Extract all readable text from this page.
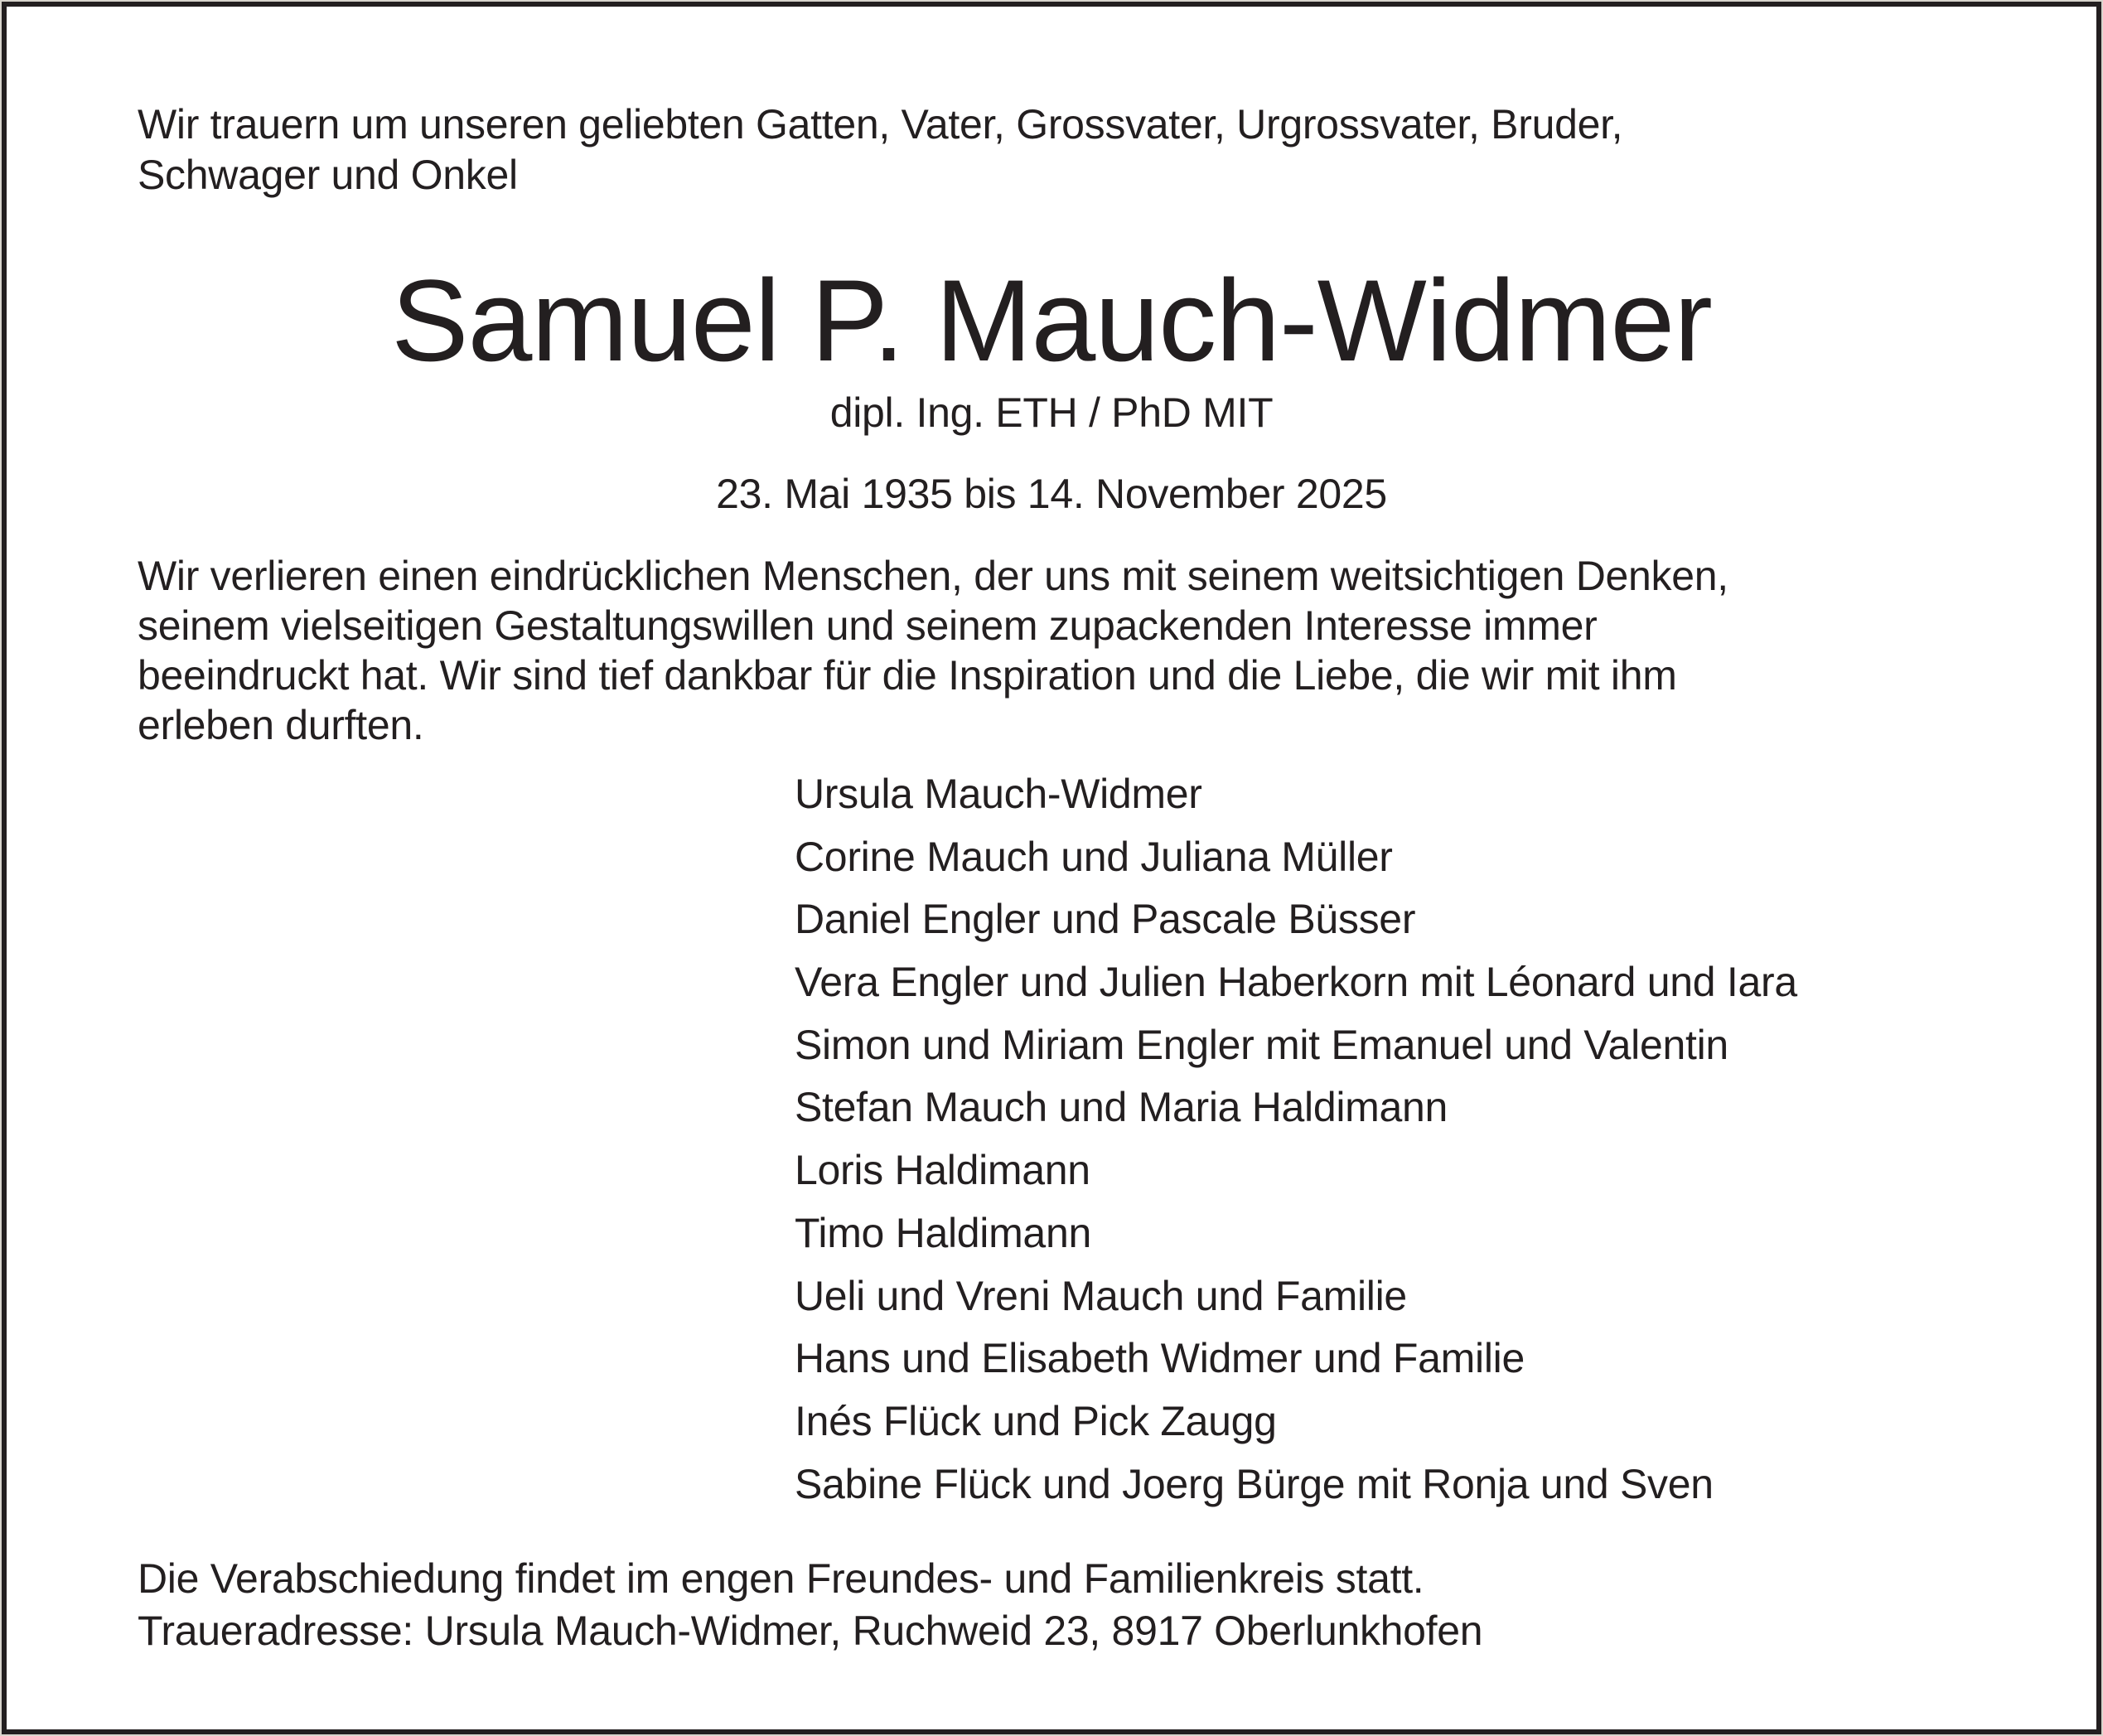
Wir trauern um unseren geliebten Gatten, Vater, Grossvater, Urgrossvater, Bruder,
Schwager und Onkel
Samuel P. Mauch-Widmer
dipl. Ing. ETH / PhD MIT
23. Mai 1935 bis 14. November 2025
Wir verlieren einen eindrücklichen Menschen, der uns mit seinem weitsichtigen Denken,
seinem vielseitigen Gestaltungswillen und seinem zupackenden Interesse immer
beeindruckt hat. Wir sind tief dankbar für die Inspiration und die Liebe, die wir mit ihm
erleben durften.
Ursula Mauch-Widmer
Corine Mauch und Juliana Müller
Daniel Engler und Pascale Büsser
Vera Engler und Julien Haberkorn mit Léonard und Iara
Simon und Miriam Engler mit Emanuel und Valentin
Stefan Mauch und Maria Haldimann
Loris Haldimann
Timo Haldimann
Ueli und Vreni Mauch und Familie
Hans und Elisabeth Widmer und Familie
Inés Flück und Pick Zaugg
Sabine Flück und Joerg Bürge mit Ronja und Sven
Die Verabschiedung findet im engen Freundes- und Familienkreis statt.
Traueradresse: Ursula Mauch-Widmer, Ruchweid 23, 8917 Oberlunkhofen
